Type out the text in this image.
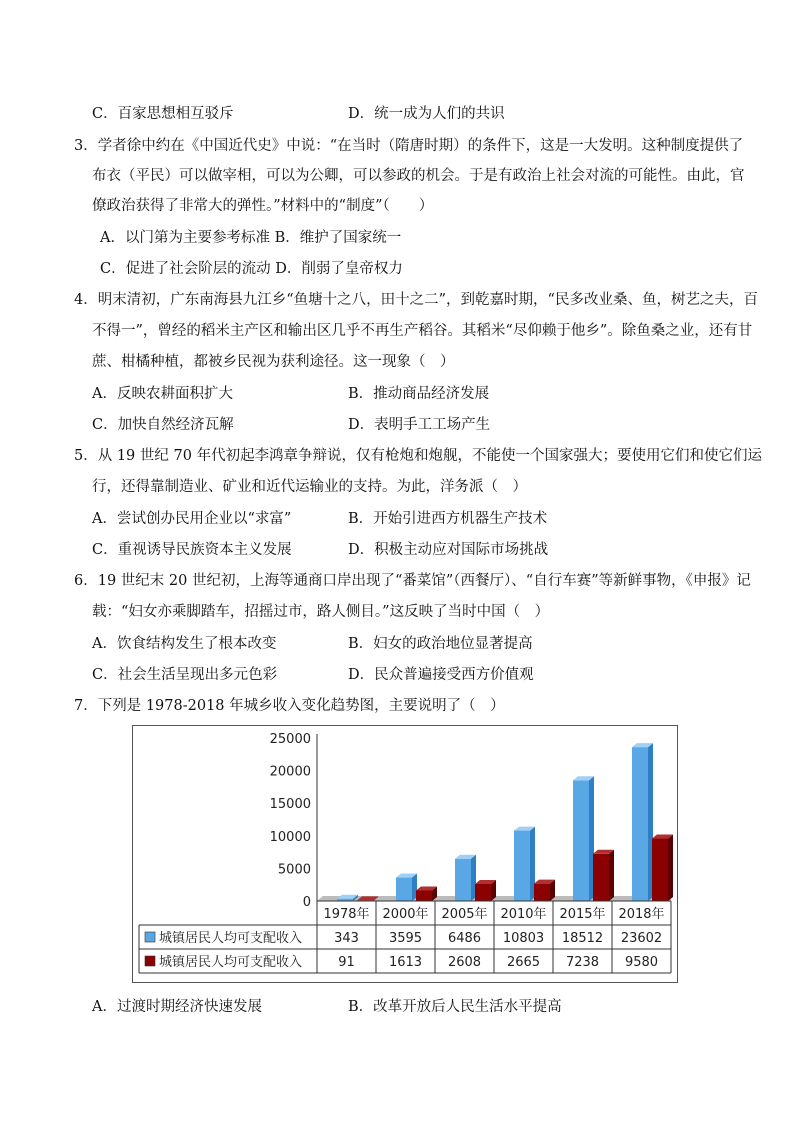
C．百家思想相互驳斥	D．统一成为人们的共识
3．学者徐中约在《中国近代史》中说：“在当时（隋唐时期）的条件下，这是一大发明。这种制度提供了
布衣（平民）可以做宰相，可以为公卿，可以参政的机会。于是有政治上社会对流的可能性。由此，官
僚政治获得了非常大的弹性。”材料中的“制度”（　　）
A．以门第为主要参考标准 B．维护了国家统一
C．促进了社会阶层的流动 D．削弱了皇帝权力
4．明末清初，广东南海县九江乡“鱼塘十之八，田十之二”，到乾嘉时期，“民多改业桑、鱼，树艺之夫，百
不得一”，曾经的稻米主产区和输出区几乎不再生产稻谷。其稻米“尽仰赖于他乡”。除鱼桑之业，还有甘
蔗、柑橘种植，都被乡民视为获利途径。这一现象（　）
A．反映农耕面积扩大	B．推动商品经济发展
C．加快自然经济瓦解	D．表明手工工场产生
5．从 19 世纪 70 年代初起李鸿章争辩说，仅有枪炮和炮舰，不能使一个国家强大；要使用它们和使它们运
行，还得靠制造业、矿业和近代运输业的支持。为此，洋务派（　）
A．尝试创办民用企业以“求富”	B．开始引进西方机器生产技术
C．重视诱导民族资本主义发展	D．积极主动应对国际市场挑战
6．19 世纪末 20 世纪初，上海等通商口岸出现了“番菜馆”（西餐厅）、“自行车赛”等新鲜事物，《申报》记
载：“妇女亦乘脚踏车，招摇过市，路人侧目。”这反映了当时中国（　）
A．饮食结构发生了根本改变	B．妇女的政治地位显著提高
C．社会生活呈现出多元色彩	D．民众普遍接受西方价值观
7．下列是 1978-2018 年城乡收入变化趋势图，主要说明了（　）
25000
20000
15000
10000
5000
0
1978年 2000年 2005年 2010年 2015年 2018年
城镇居民人均可支配收入 343 3595 6486 10803 18512 23602
城镇居民人均可支配收入	91	1613 2608 2665 7238 9580
A．过渡时期经济快速发展	B．改革开放后人民生活水平提高
